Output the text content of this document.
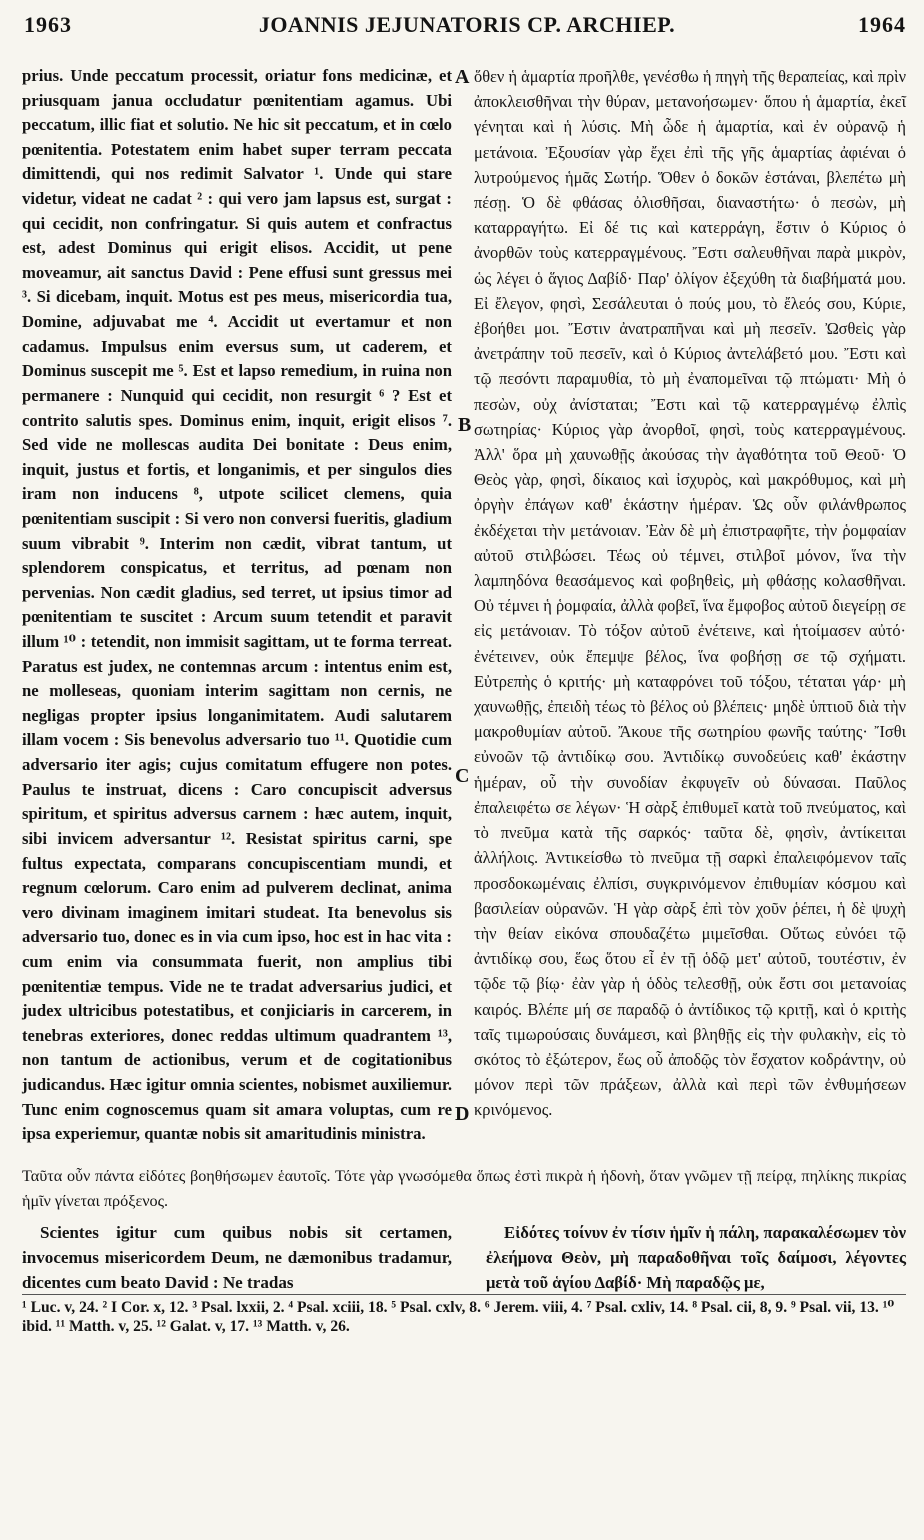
1963	JOANNIS JEJUNATORIS CP. ARCHIEP.	1964

prius. Unde peccatum processit, oriatur fons medicinæ, et priusquam janua occludatur pœnitentiam agamus. Ubi peccatum, illic fiat et solutio. Ne hic sit peccatum, et in cœlo pœnitentia. Potestatem enim habet super terram peccata dimittendi, qui nos redimit Salvator ¹. Unde qui stare videtur, videat ne cadat ² : qui vero jam lapsus est, surgat : qui cecidit, non confringatur. Si quis autem et confractus est, adest Dominus qui erigit elisos. Accidit, ut pene moveamur, ait sanctus David : Pene effusi sunt gressus mei ³. Si dicebam, inquit. Motus est pes meus, misericordia tua, Domine, adjuvabat me ⁴. Accidit ut evertamur et non cadamus. Impulsus enim eversus sum, ut caderem, et Dominus suscepit me ⁵. Est et lapso remedium, in ruina non permanere : Nunquid qui cecidit, non resurgit ⁶ ? Est et contrito salutis spes. Dominus enim, inquit, erigit elisos ⁷. Sed vide ne mollescas audita Dei bonitate : Deus enim, inquit, justus et fortis, et longanimis, et per singulos dies iram non inducens ⁸, utpote scilicet clemens, quia pœnitentiam suscipit : Si vero non conversi fueritis, gladium suum vibrabit ⁹. Interim non cædit, vibrat tantum, ut splendorem conspicatus, et territus, ad pœnam non pervenias. Non cædit gladius, sed terret, ut ipsius timor ad pœnitentiam te suscitet : Arcum suum tetendit et paravit illum ¹⁰ : tetendit, non immisit sagittam, ut te forma terreat. Paratus est judex, ne contemnas arcum : intentus enim est, ne molleseas, quoniam interim sagittam non cernis, ne negligas propter ipsius longanimitatem. Audi salutarem illam vocem : Sis benevolus adversario tuo ¹¹. Quotidie cum adversario iter agis; cujus comitatum effugere non potes. Paulus te instruat, dicens : Caro concupiscit adversus spiritum, et spiritus adversus carnem : hæc autem, inquit, sibi invicem adversantur ¹². Resistat spiritus carni, spe fultus expectata, comparans concupiscentiam mundi, et regnum cœlorum. Caro enim ad pulverem declinat, anima vero divinam imaginem imitari studeat. Ita benevolus sis adversario tuo, donec es in via cum ipso, hoc est in hac vita : cum enim via consummata fuerit, non amplius tibi pœnitentiæ tempus. Vide ne te tradat adversarius judici, et judex ultricibus potestatibus, et conjiciaris in carcerem, in tenebras exteriores, donec reddas ultimum quadrantem ¹³, non tantum de actionibus, verum et de cogitationibus judicandus. Hæc igitur omnia scientes, nobismet auxiliemur. Tunc enim cognoscemus quam sit amara voluptas, cum re ipsa experiemur, quantæ nobis sit amaritudinis ministra.

A
B
C
D

ὅθεν ἡ ἁμαρτία προῆλθε, γενέσθω ἡ πηγὴ τῆς θεραπείας, καὶ πρὶν ἀποκλεισθῆναι τὴν θύραν, μετανοήσωμεν· ὅπου ἡ ἁμαρτία, ἐκεῖ γένηται καὶ ἡ λύσις. Μὴ ὧδε ἡ ἁμαρτία, καὶ ἐν οὐρανῷ ἡ μετάνοια. Ἐξουσίαν γὰρ ἔχει ἐπὶ τῆς γῆς ἁμαρτίας ἀφιέναι ὁ λυτρούμενος ἡμᾶς Σωτήρ. Ὅθεν ὁ δοκῶν ἑστάναι, βλεπέτω μὴ πέσῃ. Ὁ δὲ φθάσας ὀλισθῆσαι, διαναστήτω· ὁ πεσὼν, μὴ καταρραγήτω. Εἰ δέ τις καὶ κατερράγη, ἔστιν ὁ Κύριος ὁ ἀνορθῶν τοὺς κατερραγμένους. Ἔστι σαλευθῆναι παρὰ μικρὸν, ὡς λέγει ὁ ἅγιος Δαβίδ· Παρ' ὀλίγον ἐξεχύθη τὰ διαβήματά μου. Εἰ ἔλεγον, φησὶ, Σεσάλευται ὁ πούς μου, τὸ ἔλεός σου, Κύριε, ἐβοήθει μοι. Ἔστιν ἀνατραπῆναι καὶ μὴ πεσεῖν. Ὠσθεὶς γὰρ ἀνετράπην τοῦ πεσεῖν, καὶ ὁ Κύριος ἀντελάβετό μου. Ἔστι καὶ τῷ πεσόντι παραμυθία, τὸ μὴ ἐναπομεῖναι τῷ πτώματι· Μὴ ὁ πεσὼν, οὐχ ἀνίσταται; Ἔστι καὶ τῷ κατερραγμένῳ ἐλπὶς σωτηρίας· Κύριος γὰρ ἀνορθοῖ, φησὶ, τοὺς κατερραγμένους. Ἀλλ' ὅρα μὴ χαυνωθῇς ἀκούσας τὴν ἀγαθότητα τοῦ Θεοῦ· Ὁ Θεὸς γὰρ, φησὶ, δίκαιος καὶ ἰσχυρὸς, καὶ μακρόθυμος, καὶ μὴ ὀργὴν ἐπάγων καθ' ἑκάστην ἡμέραν. Ὡς οὖν φιλάνθρωπος ἐκδέχεται τὴν μετάνοιαν. Ἐὰν δὲ μὴ ἐπιστραφῆτε, τὴν ῥομφαίαν αὐτοῦ στιλβώσει. Τέως οὐ τέμνει, στιλβοῖ μόνον, ἵνα τὴν λαμπηδόνα θεασάμενος καὶ φοβηθεὶς, μὴ φθάσῃς κολασθῆναι. Οὐ τέμνει ἡ ῥομφαία, ἀλλὰ φοβεῖ, ἵνα ἔμφοβος αὐτοῦ διεγείρῃ σε εἰς μετάνοιαν. Τὸ τόξον αὐτοῦ ἐνέτεινε, καὶ ἡτοίμασεν αὐτό· ἐνέτεινεν, οὐκ ἔπεμψε βέλος, ἵνα φοβήσῃ σε τῷ σχήματι. Εὐτρεπὴς ὁ κριτής· μὴ καταφρόνει τοῦ τόξου, τέταται γάρ· μὴ χαυνωθῇς, ἐπειδὴ τέως τὸ βέλος οὐ βλέπεις· μηδὲ ὑπτιοῦ διὰ τὴν μακροθυμίαν αὐτοῦ. Ἄκουε τῆς σωτηρίου φωνῆς ταύτης· Ἴσθι εὐνοῶν τῷ ἀντιδίκῳ σου. Ἀντιδίκῳ συνοδεύεις καθ' ἑκάστην ἡμέραν, οὗ τὴν συνοδίαν ἐκφυγεῖν οὐ δύνασαι. Παῦλος ἐπαλειφέτω σε λέγων· Ἡ σὰρξ ἐπιθυμεῖ κατὰ τοῦ πνεύματος, καὶ τὸ πνεῦμα κατὰ τῆς σαρκός· ταῦτα δὲ, φησὶν, ἀντίκειται ἀλλήλοις. Ἀντικείσθω τὸ πνεῦμα τῇ σαρκὶ ἐπαλειφόμενον ταῖς προσδοκωμέναις ἐλπίσι, συγκρινόμενον ἐπιθυμίαν κόσμου καὶ βασιλείαν οὐρανῶν. Ἡ γὰρ σὰρξ ἐπὶ τὸν χοῦν ῥέπει, ἡ δὲ ψυχὴ τὴν θείαν εἰκόνα σπουδαζέτω μιμεῖσθαι. Οὕτως εὐνόει τῷ ἀντιδίκῳ σου, ἕως ὅτου εἶ ἐν τῇ ὁδῷ μετ' αὐτοῦ, τουτέστιν, ἐν τῷδε τῷ βίῳ· ἐὰν γὰρ ἡ ὁδὸς τελεσθῇ, οὐκ ἔστι σοι μετανοίας καιρός. Βλέπε μή σε παραδῷ ὁ ἀντίδικος τῷ κριτῇ, καὶ ὁ κριτὴς ταῖς τιμωρούσαις δυνάμεσι, καὶ βληθῇς εἰς τὴν φυλακὴν, εἰς τὸ σκότος τὸ ἐξώτερον, ἕως οὗ ἀποδῷς τὸν ἔσχατον κοδράντην, οὐ μόνον περὶ τῶν πράξεων, ἀλλὰ καὶ περὶ τῶν ἐνθυμήσεων κρινόμενος.

Ταῦτα οὖν πάντα εἰδότες βοηθήσωμεν ἑαυτοῖς. Τότε γὰρ γνωσόμεθα ὅπως ἐστὶ πικρὰ ἡ ἡδονὴ, ὅταν γνῶμεν τῇ πείρᾳ, πηλίκης πικρίας ἡμῖν γίνεται πρόξενος.
Scientes igitur cum quibus nobis sit certamen, invocemus misericordem Deum, ne dæmonibus tradamur, dicentes cum beato David : Ne tradas
Εἰδότες τοίνυν ἐν τίσιν ἡμῖν ἡ πάλη, παρακαλέσωμεν τὸν ἐλεήμονα Θεὸν, μὴ παραδοθῆναι τοῖς δαίμοσι, λέγοντες μετὰ τοῦ ἁγίου Δαβίδ· Μὴ παραδῷς με,
¹ Luc. v, 24. ² I Cor. x, 12. ³ Psal. lxxii, 2. ⁴ Psal. xciii, 18. ⁵ Psal. cxlv, 8. ⁶ Jerem. viii, 4. ⁷ Psal. cxliv, 14. ⁸ Psal. cii, 8, 9. ⁹ Psal. vii, 13. ¹⁰ ibid. ¹¹ Matth. v, 25. ¹² Galat. v, 17. ¹³ Matth. v, 26.
